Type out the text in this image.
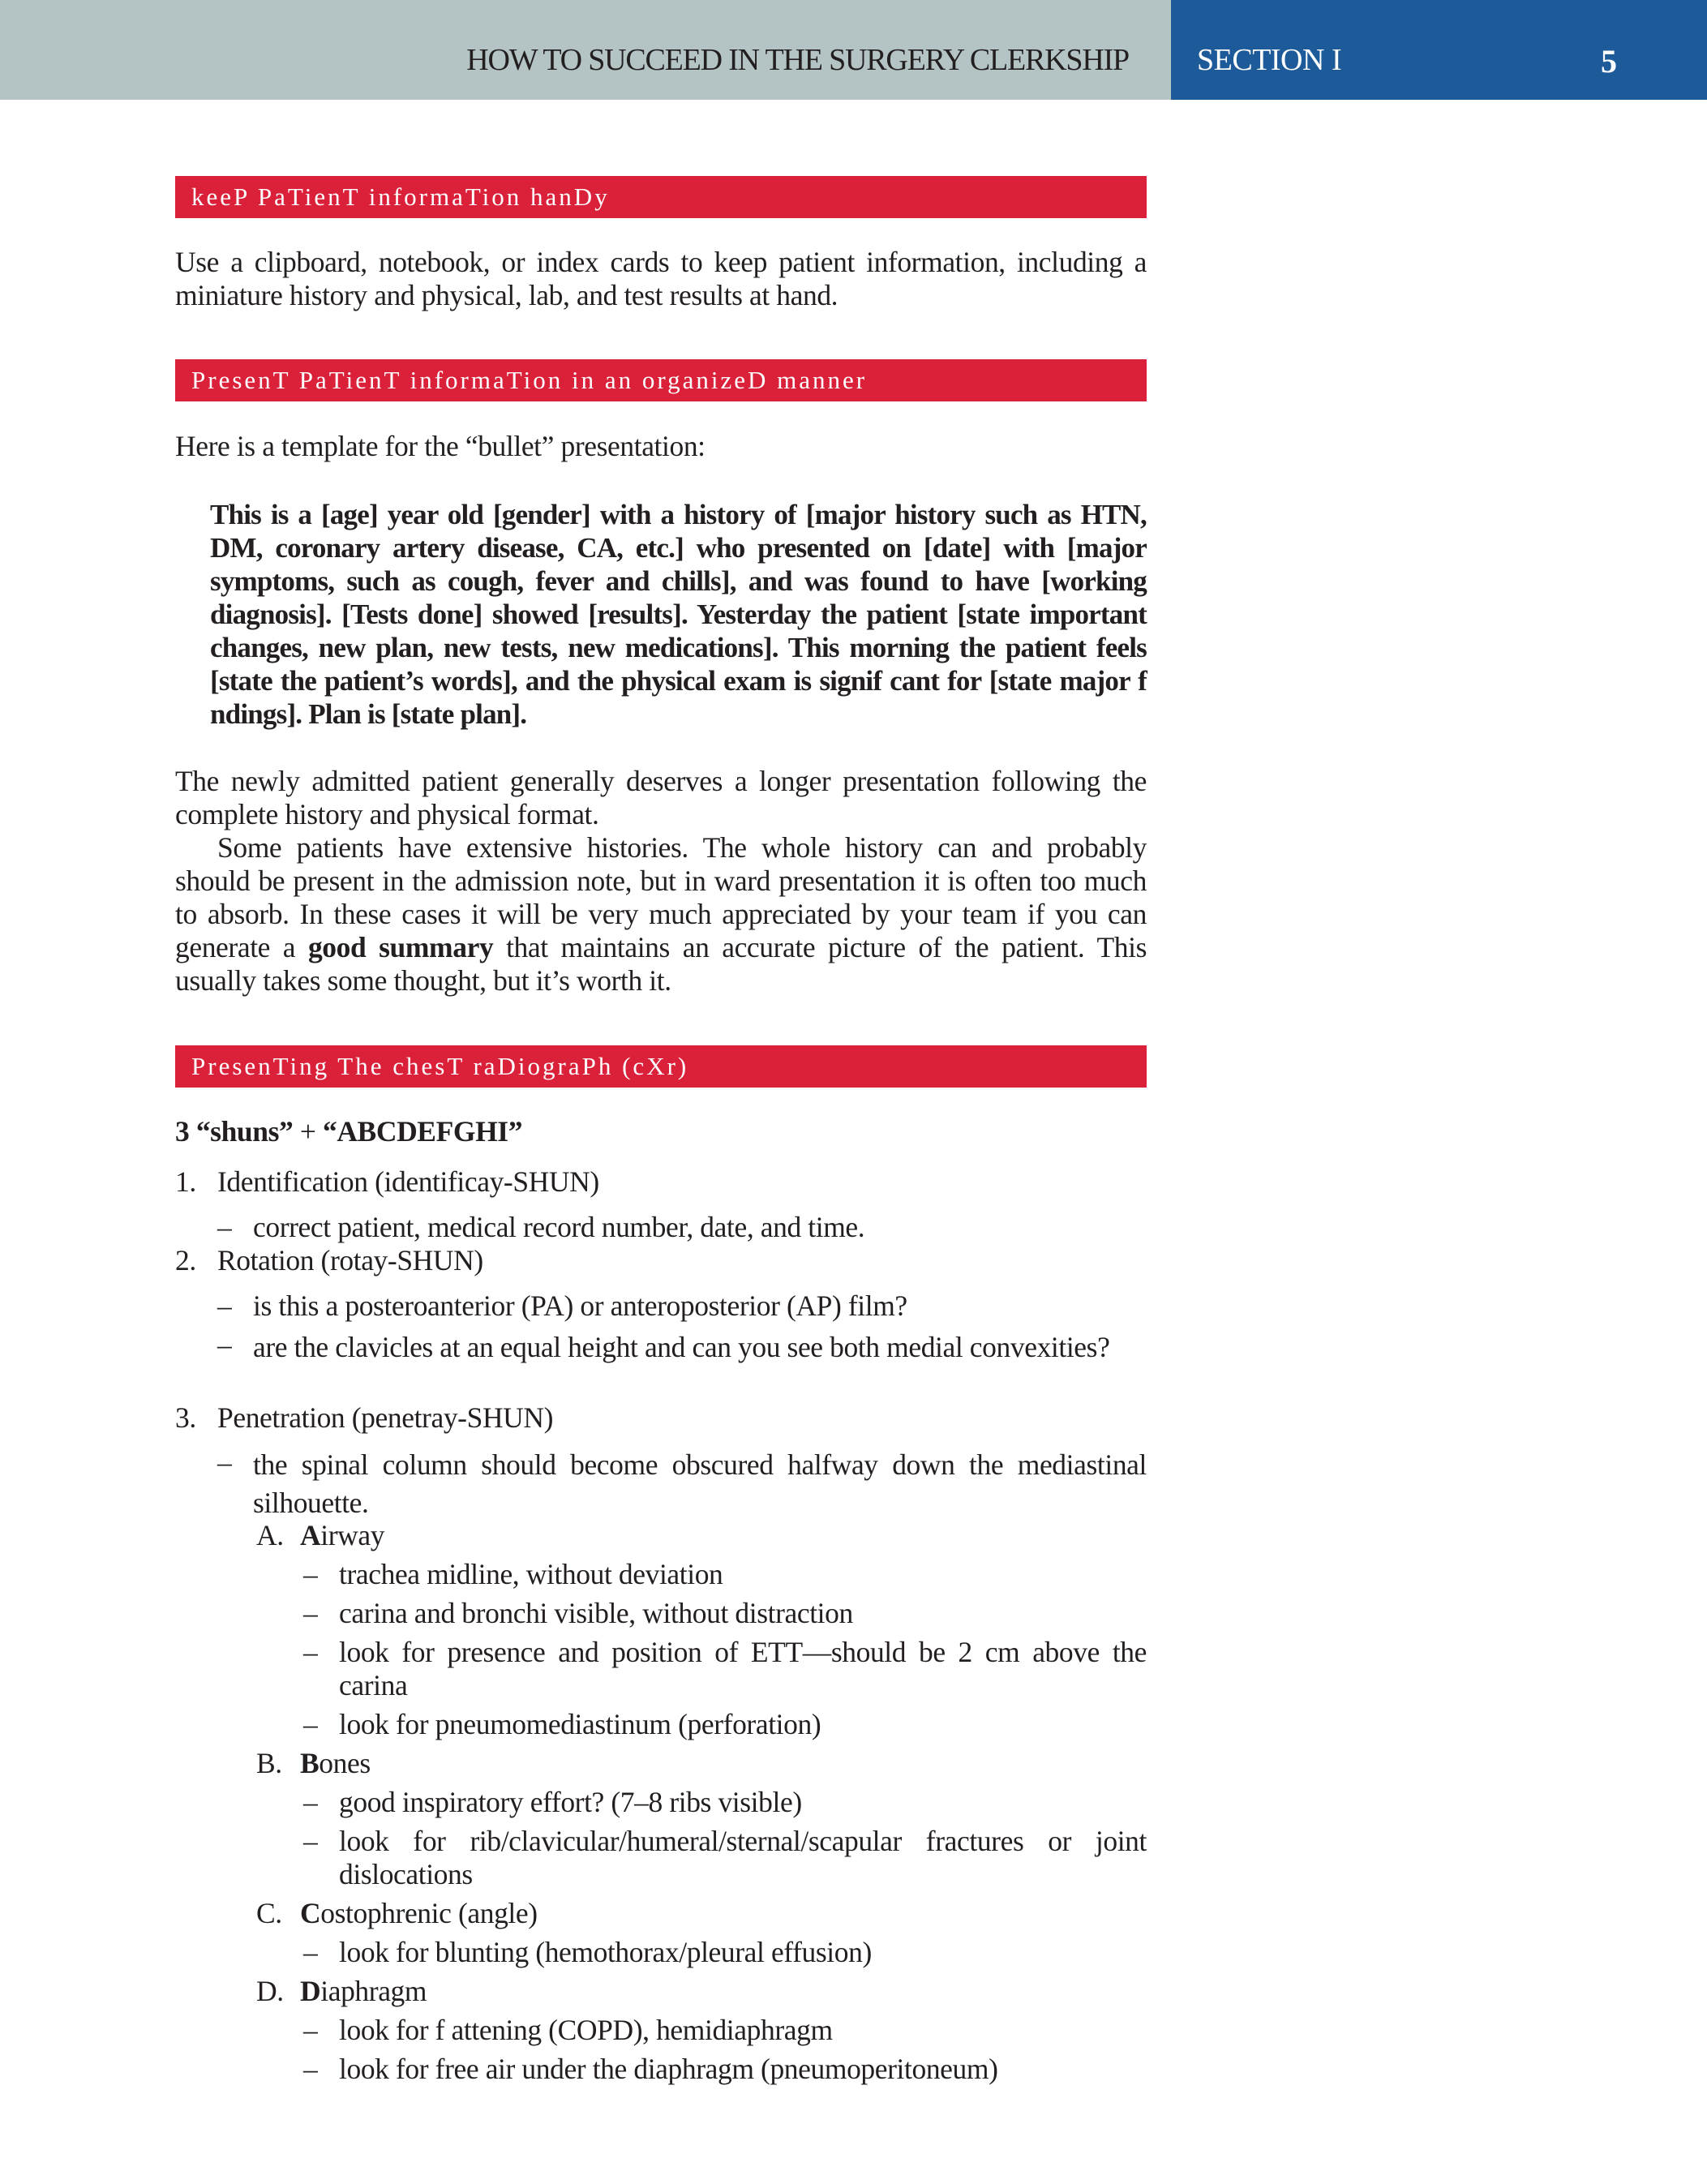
HOW TO SUCCEED IN THE SURGERY CLERKSHIP SECTION I	5
keeP PaTienT informaTion hanDy

Use a clipboard, notebook, or index cards to keep patient information, including a miniature history and physical, lab, and test results at hand.

PresenT PaTienT informaTion in an organizeD manner

Here is a template for the “bullet” presentation:

This is a [age] year old [gender] with a history of [major history such as HTN, DM, coronary artery disease, CA, etc.] who presented on [date] with [major symptoms, such as cough, fever and chills], and was found to have [working diagnosis]. [Tests done] showed [results]. Yesterday the patient [state important changes, new plan, new tests, new medications]. This morning the patient feels [state the patient’s words], and the physical exam is signif cant for [state major f ndings]. Plan is [state plan].

The newly admitted patient generally deserves a longer presentation following the complete history and physical format.

Some patients have extensive histories. The whole history can and probably should be present in the admission note, but in ward presentation it is often too much to absorb. In these cases it will be very much appreciated by your team if you can generate a good summary that maintains an accurate picture of the patient. This usually takes some thought, but it’s worth it.

PresenTing The chesT raDiograPh (cXr)
3 “shuns” + “ABCDEFGHI”
1. Identification (identificay-SHUN)
– correct patient, medical record number, date, and time.
2. Rotation (rotay-SHUN)
– is this a posteroanterior (PA) or anteroposterior (AP) film?
– are the clavicles at an equal height and can you see both medial convexities?
3. Penetration (penetray-SHUN)
– the spinal column should become obscured halfway down the mediastinal silhouette.
A. Airway
– trachea midline, without deviation
– carina and bronchi visible, without distraction
– look for presence and position of ETT—should be 2 cm above the carina
– look for pneumomediastinum (perforation)
B. Bones
– good inspiratory effort? (7–8 ribs visible)
– look for rib/clavicular/humeral/sternal/scapular fractures or joint dislocations
C. Costophrenic (angle)
– look for blunting (hemothorax/pleural effusion)
D. Diaphragm
– look for f attening (COPD), hemidiaphragm
– look for free air under the diaphragm (pneumoperitoneum)
